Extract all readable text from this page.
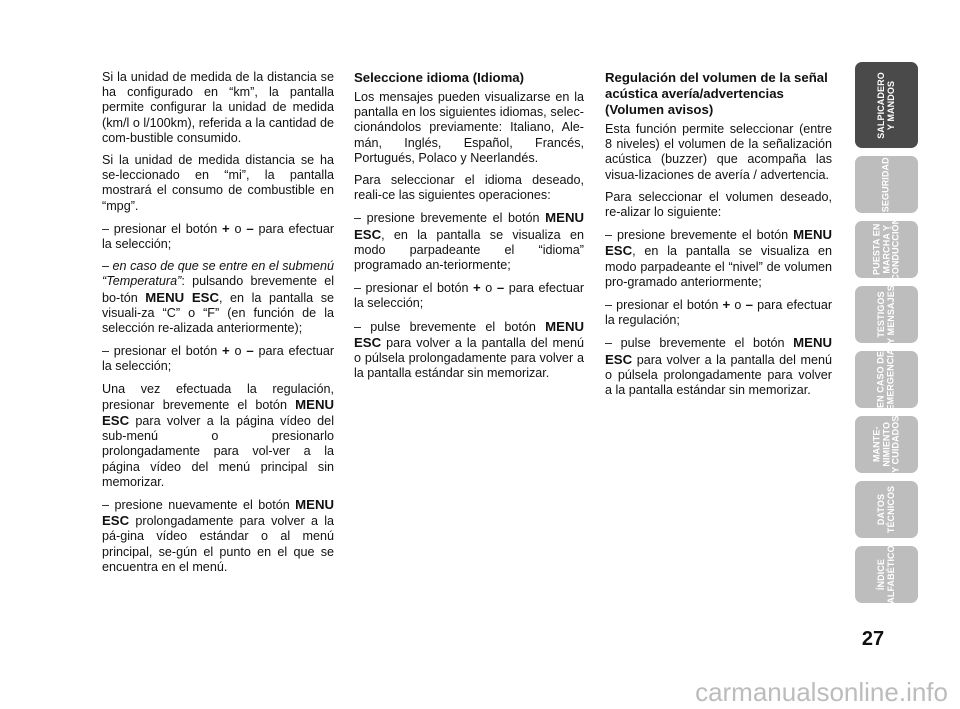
Si la unidad de medida de la distancia se ha configurado en “km”, la pantalla permite configurar la unidad de medida (km/l o l/100km), referida a la cantidad de com-bustible consumido.

Si la unidad de medida distancia se ha se-leccionado en “mi”, la pantalla mostrará el consumo de combustible en “mpg”.

– presionar el botón + o – para efectuar la selección;

– en caso de que se entre en el submenú “Temperatura”: pulsando brevemente el bo-tón MENU ESC, en la pantalla se visuali-za “C” o “F” (en función de la selección re-alizada anteriormente);

– presionar el botón + o – para efectuar la selección;

Una vez efectuada la regulación, presionar brevemente el botón MENU ESC para volver a la página vídeo del sub-menú o presionarlo prolongadamente para vol-ver a la página vídeo del menú principal sin memorizar.

– presione nuevamente el botón MENU ESC prolongadamente para volver a la pá-gina vídeo estándar o al menú principal, se-gún el punto en el que se encuentra en el menú.

Seleccione idioma (Idioma)

Los mensajes pueden visualizarse en la pantalla en los siguientes idiomas, selec-cionándolos previamente: Italiano, Ale-mán, Inglés, Español, Francés, Portugués, Polaco y Neerlandés.

Para seleccionar el idioma deseado, reali-ce las siguientes operaciones:

– presione brevemente el botón MENU ESC, en la pantalla se visualiza en modo parpadeante el “idioma” programado an-teriormente;

– presionar el botón + o – para efectuar la selección;

– pulse brevemente el botón MENU ESC para volver a la pantalla del menú o púlsela prolongadamente para volver a la pantalla estándar sin memorizar.

Regulación del volumen de la señal acústica avería/advertencias (Volumen avisos)

Esta función permite seleccionar (entre 8 niveles) el volumen de la señalización acústica (buzzer) que acompaña las visua-lizaciones de avería / advertencia.

Para seleccionar el volumen deseado, re-alizar lo siguiente:

– presione brevemente el botón MENU ESC, en la pantalla se visualiza en modo parpadeante el “nivel” de volumen pro-gramado anteriormente;

– presionar el botón + o – para efectuar la regulación;

– pulse brevemente el botón MENU ESC para volver a la pantalla del menú o púlsela prolongadamente para volver a la pantalla estándar sin memorizar.

SALPICADERO
Y MANDOS
SEGURIDAD
PUESTA EN
MARCHA Y
CONDUCCIÓN
TESTIGOS
Y MENSAJES
EN CASO DE
EMERGENCIA
MANTE-
NIMIENTO
Y CUIDADOS
DATOS
TÉCNICOS
ÍNDICE
ALFABÉTICO
27
carmanualsonline.info
